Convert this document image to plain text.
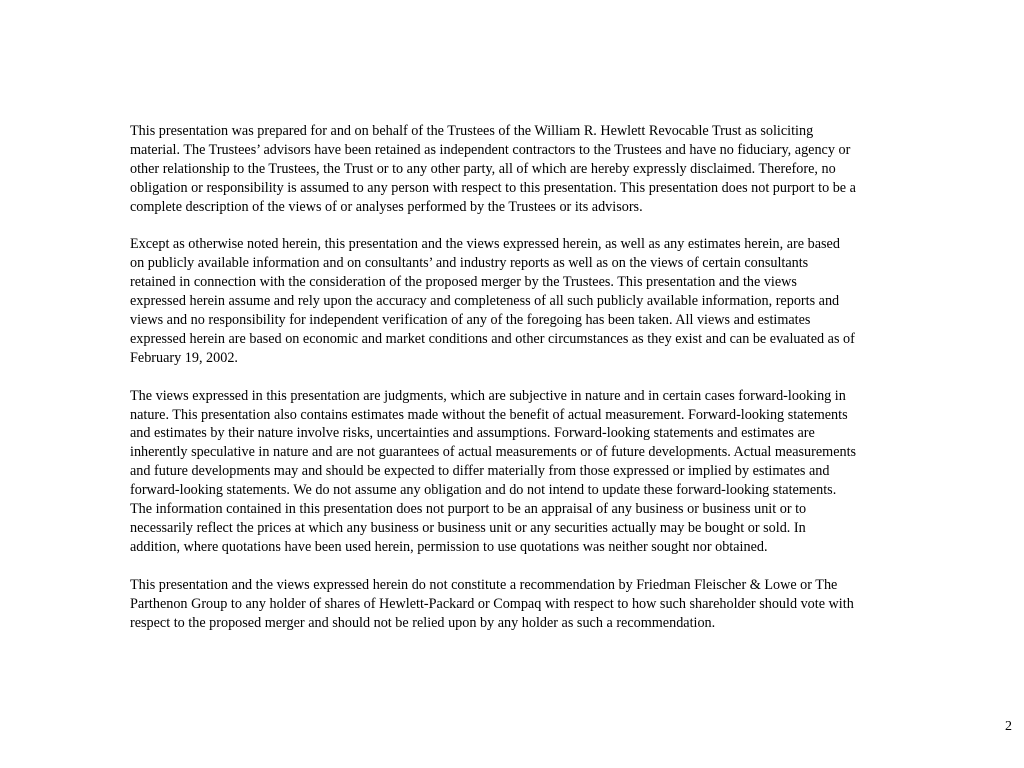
This presentation was prepared for and on behalf of the Trustees of the William R. Hewlett Revocable Trust as soliciting
material. The Trustees’ advisors have been retained as independent contractors to the Trustees and have no fiduciary, agency or
other relationship to the Trustees, the Trust or to any other party, all of which are hereby expressly disclaimed. Therefore, no
obligation or responsibility is assumed to any person with respect to this presentation. This presentation does not purport to be a
complete description of the views of or analyses performed by the Trustees or its advisors.

Except as otherwise noted herein, this presentation and the views expressed herein, as well as any estimates herein, are based
on publicly available information and on consultants’ and industry reports as well as on the views of certain consultants
retained in connection with the consideration of the proposed merger by the Trustees. This presentation and the views
expressed herein assume and rely upon the accuracy and completeness of all such publicly available information, reports and
views and no responsibility for independent verification of any of the foregoing has been taken. All views and estimates
expressed herein are based on economic and market conditions and other circumstances as they exist and can be evaluated as of
February 19, 2002.

The views expressed in this presentation are judgments, which are subjective in nature and in certain cases forward-looking in
nature. This presentation also contains estimates made without the benefit of actual measurement. Forward-looking statements
and estimates by their nature involve risks, uncertainties and assumptions. Forward-looking statements and estimates are
inherently speculative in nature and are not guarantees of actual measurements or of future developments. Actual measurements
and future developments may and should be expected to differ materially from those expressed or implied by estimates and
forward-looking statements. We do not assume any obligation and do not intend to update these forward-looking statements.
The information contained in this presentation does not purport to be an appraisal of any business or business unit or to
necessarily reflect the prices at which any business or business unit or any securities actually may be bought or sold. In
addition, where quotations have been used herein, permission to use quotations was neither sought nor obtained.

This presentation and the views expressed herein do not constitute a recommendation by Friedman Fleischer & Lowe or The
Parthenon Group to any holder of shares of Hewlett-Packard or Compaq with respect to how such shareholder should vote with
respect to the proposed merger and should not be relied upon by any holder as such a recommendation.

2
